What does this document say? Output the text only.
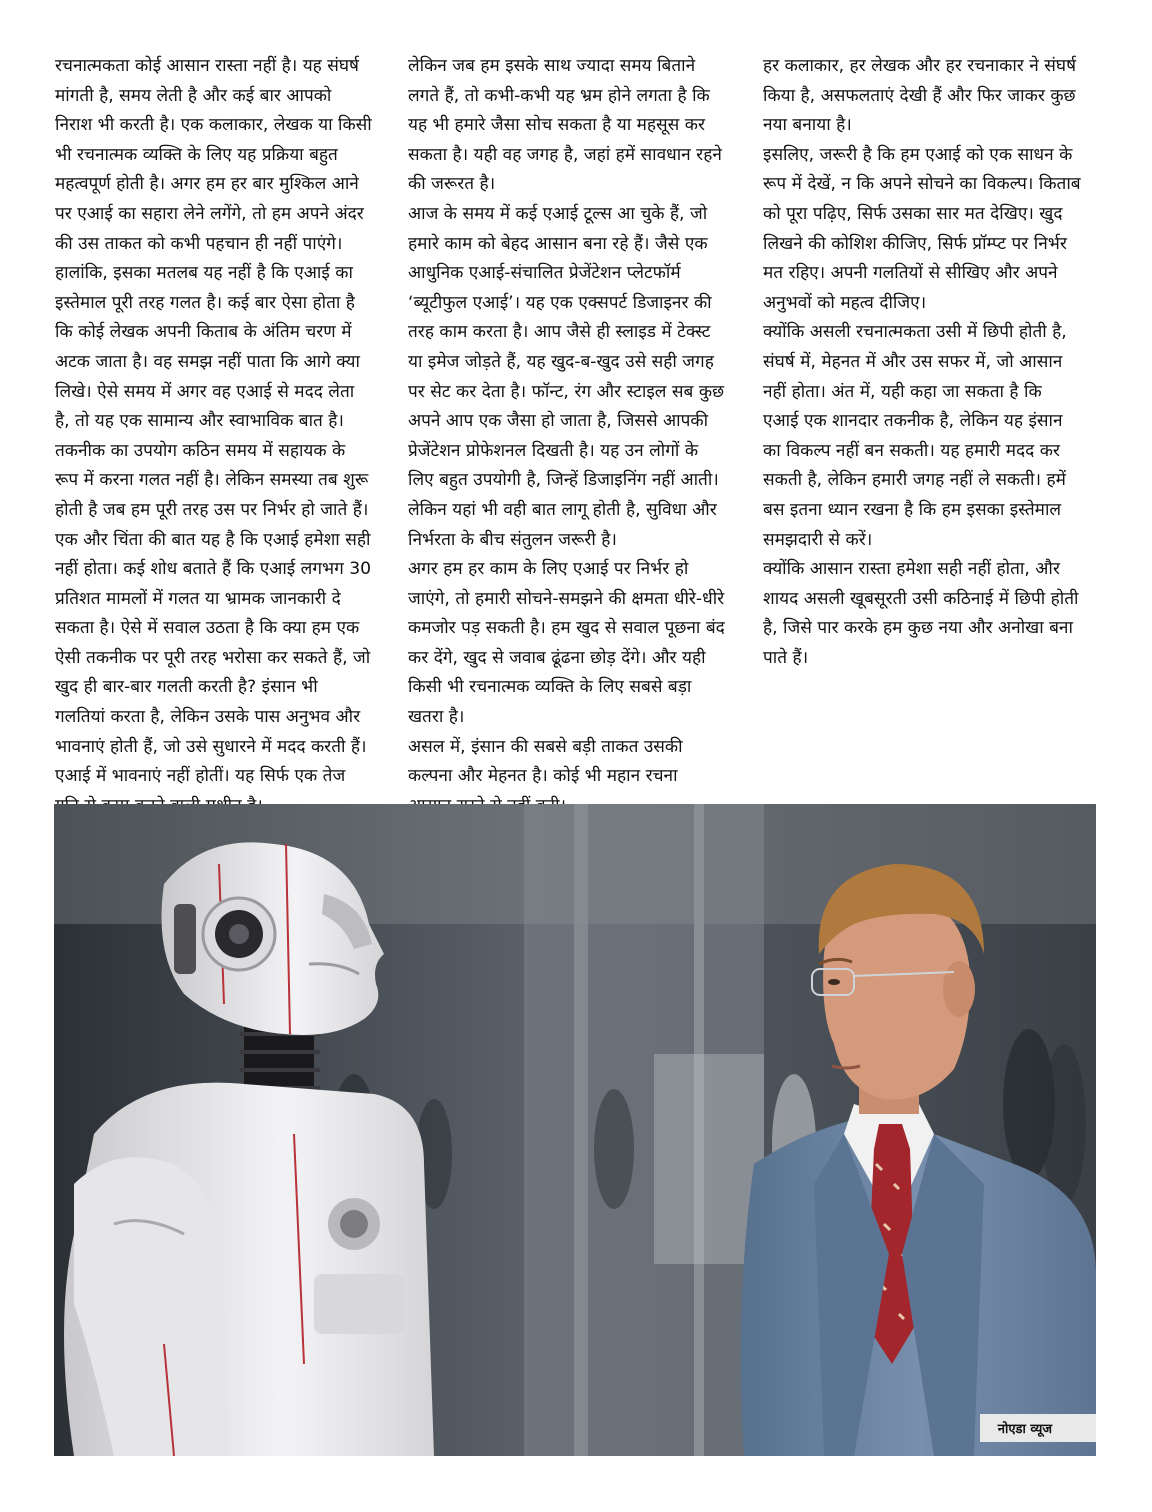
रचनात्मकता कोई आसान रास्ता नहीं है। यह संघर्ष मांगती है, समय लेती है और कई बार आपको निराश भी करती है। एक कलाकार, लेखक या किसी भी रचनात्मक व्यक्ति के लिए यह प्रक्रिया बहुत महत्वपूर्ण होती है। अगर हम हर बार मुश्किल आने पर एआई का सहारा लेने लगेंगे, तो हम अपने अंदर की उस ताकत को कभी पहचान ही नहीं पाएंगे।

हालांकि, इसका मतलब यह नहीं है कि एआई का इस्तेमाल पूरी तरह गलत है। कई बार ऐसा होता है कि कोई लेखक अपनी किताब के अंतिम चरण में अटक जाता है। वह समझ नहीं पाता कि आगे क्या लिखे। ऐसे समय में अगर वह एआई से मदद लेता है, तो यह एक सामान्य और स्वाभाविक बात है। तकनीक का उपयोग कठिन समय में सहायक के रूप में करना गलत नहीं है। लेकिन समस्या तब शुरू होती है जब हम पूरी तरह उस पर निर्भर हो जाते हैं।

एक और चिंता की बात यह है कि एआई हमेशा सही नहीं होता। कई शोध बताते हैं कि एआई लगभग 30 प्रतिशत मामलों में गलत या भ्रामक जानकारी दे सकता है। ऐसे में सवाल उठता है कि क्या हम एक ऐसी तकनीक पर पूरी तरह भरोसा कर सकते हैं, जो खुद ही बार-बार गलती करती है? इंसान भी गलतियां करता है, लेकिन उसके पास अनुभव और भावनाएं होती हैं, जो उसे सुधारने में मदद करती हैं।

एआई में भावनाएं नहीं होतीं। यह सिर्फ एक तेज

लेकिन जब हम इसके साथ ज्यादा समय बिताने लगते हैं, तो कभी-कभी यह भ्रम होने लगता है कि यह भी हमारे जैसा सोच सकता है या महसूस कर सकता है। यही वह जगह है, जहां हमें सावधान रहने की जरूरत है।

आज के समय में कई एआई टूल्स आ चुके हैं, जो हमारे काम को बेहद आसान बना रहे हैं। जैसे एक आधुनिक एआई-संचालित प्रेजेंटेशन प्लेटफॉर्म ‘ब्यूटीफुल एआई’। यह एक एक्सपर्ट डिजाइनर की तरह काम करता है। आप जैसे ही स्लाइड में टेक्स्ट या इमेज जोड़ते हैं, यह खुद-ब-खुद उसे सही जगह पर सेट कर देता है। फॉन्ट, रंग और स्टाइल सब कुछ अपने आप एक जैसा हो जाता है, जिससे आपकी प्रेजेंटेशन प्रोफेशनल दिखती है। यह उन लोगों के लिए बहुत उपयोगी है, जिन्हें डिजाइनिंग नहीं आती।

लेकिन यहां भी वही बात लागू होती है, सुविधा और निर्भरता के बीच संतुलन जरूरी है।

अगर हम हर काम के लिए एआई पर निर्भर हो जाएंगे, तो हमारी सोचने-समझने की क्षमता धीरे-धीरे कमजोर पड़ सकती है। हम खुद से सवाल पूछना बंद कर देंगे, खुद से जवाब ढूंढना छोड़ देंगे। और यही किसी भी रचनात्मक व्यक्ति के लिए सबसे बड़ा खतरा है।

असल में, इंसान की सबसे बड़ी ताकत उसकी कल्पना और मेहनत है। कोई भी महान रचना

हर कलाकार, हर लेखक और हर रचनाकार ने संघर्ष किया है, असफलताएं देखी हैं और फिर जाकर कुछ नया बनाया है।

इसलिए, जरूरी है कि हम एआई को एक साधन के रूप में देखें, न कि अपने सोचने का विकल्प। किताब को पूरा पढ़िए, सिर्फ उसका सार मत देखिए। खुद लिखने की कोशिश कीजिए, सिर्फ प्रॉम्प्ट पर निर्भर मत रहिए। अपनी गलतियों से सीखिए और अपने अनुभवों को महत्व दीजिए।

क्योंकि असली रचनात्मकता उसी में छिपी होती है, संघर्ष में, मेहनत में और उस सफर में, जो आसान नहीं होता। अंत में, यही कहा जा सकता है कि एआई एक शानदार तकनीक है, लेकिन यह इंसान का विकल्प नहीं बन सकती। यह हमारी मदद कर सकती है, लेकिन हमारी जगह नहीं ले सकती। हमें बस इतना ध्यान रखना है कि हम इसका इस्तेमाल समझदारी से करें।

क्योंकि आसान रास्ता हमेशा सही नहीं होता, और शायद असली खूबसूरती उसी कठिनाई में छिपी होती है, जिसे पार करके हम कुछ नया और अनोखा बना पाते हैं।

नोएडा व्यूज
